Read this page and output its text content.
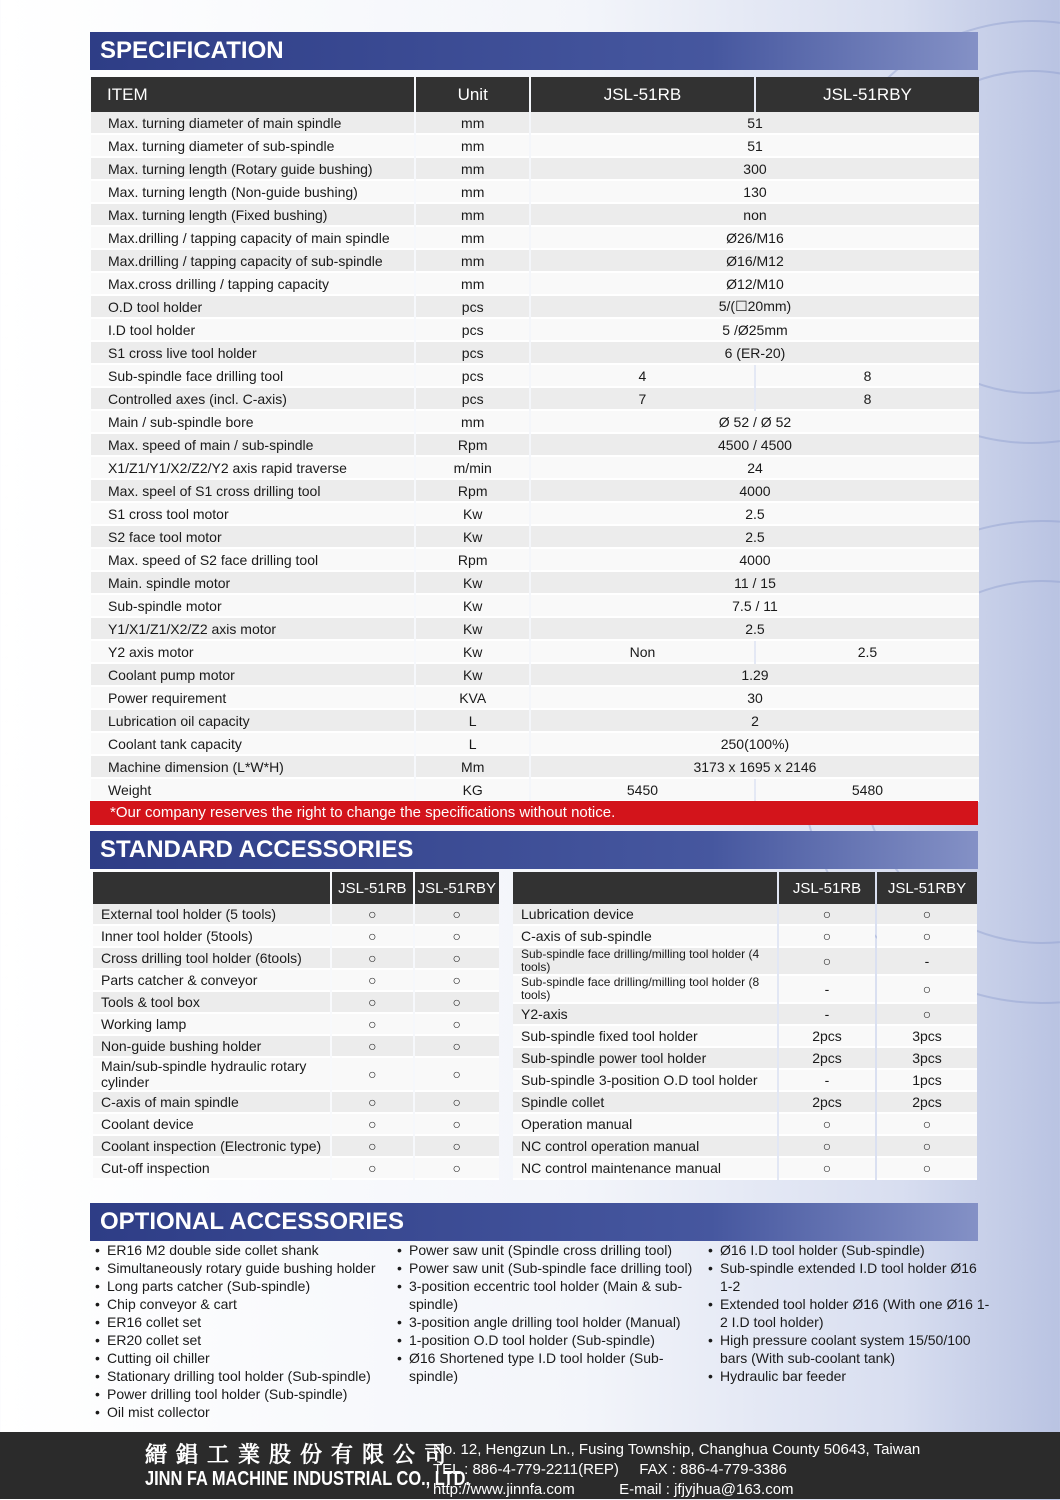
SPECIFICATION
ITEM	Unit	JSL-51RB	JSL-51RBY
Max. turning diameter of main spindle	mm	51	
Max. turning diameter of sub-spindle	mm	51	
Max. turning length (Rotary guide bushing)	mm	300	
Max. turning length (Non-guide bushing)	mm	130	
Max. turning length (Fixed bushing)	mm	non	
Max.drilling / tapping capacity of main spindle	mm	Ø26/M16	
Max.drilling / tapping capacity of sub-spindle	mm	Ø16/M12	
Max.cross drilling / tapping capacity	mm	Ø12/M10	
O.D tool holder	pcs	5/(☐20mm)	
I.D tool holder	pcs	5 /Ø25mm	
S1 cross live tool holder	pcs	6 (ER-20)	
Sub-spindle face drilling tool	pcs	4	8
Controlled axes (incl. C-axis)	pcs	7	8
Main / sub-spindle bore	mm	Ø 52 / Ø 52	
Max. speed of main / sub-spindle	Rpm	4500 / 4500	
X1/Z1/Y1/X2/Z2/Y2 axis rapid traverse	m/min	24	
Max. speel of S1 cross drilling tool	Rpm	4000	
S1 cross tool motor	Kw	2.5	
S2 face tool motor	Kw	2.5	
Max. speed of S2 face drilling tool	Rpm	4000	
Main. spindle motor	Kw	11 / 15	
Sub-spindle motor	Kw	7.5 / 11	
Y1/X1/Z1/X2/Z2 axis motor	Kw	2.5	
Y2 axis motor	Kw	Non	2.5
Coolant pump motor	Kw	1.29	
Power requirement	KVA	30	
Lubrication oil capacity	L	2	
Coolant tank capacity	L	250(100%)	
Machine dimension (L*W*H)	Mm	3173 x 1695 x 2146	
Weight	KG	5450	5480
*Our company reserves the right to change the specifications without notice.
STANDARD ACCESSORIES
	JSL-51RB	JSL-51RBY
External tool holder (5 tools)	○	○
Inner tool holder (5tools)	○	○
Cross drilling tool holder (6tools)	○	○
Parts catcher & conveyor	○	○
Tools & tool box	○	○
Working lamp	○	○
Non-guide bushing holder	○	○
Main/sub-spindle hydraulic rotary cylinder	○	○
C-axis of main spindle	○	○
Coolant device	○	○
Coolant inspection (Electronic type)	○	○
Cut-off inspection	○	○
	JSL-51RB	JSL-51RBY
Lubrication device	○	○
C-axis of sub-spindle	○	○
Sub-spindle face drilling/milling tool holder (4 tools)	○	-
Sub-spindle face drilling/milling tool holder (8 tools)	-	○
Y2-axis	-	○
Sub-spindle fixed tool holder	2pcs	3pcs
Sub-spindle power tool holder	2pcs	3pcs
Sub-spindle 3-position O.D tool holder	-	1pcs
Spindle collet	2pcs	2pcs
Operation manual	○	○
NC control operation manual	○	○
NC control maintenance manual	○	○
OPTIONAL ACCESSORIES
• ER16 M2 double side collet shank
• Simultaneously rotary guide bushing holder
• Long parts catcher (Sub-spindle)
• Chip conveyor & cart
• ER16 collet set
• ER20 collet set
• Cutting oil chiller
• Stationary drilling tool holder (Sub-spindle)
• Power drilling tool holder (Sub-spindle)
• Oil mist collector
• Power saw unit (Spindle cross drilling tool)
• Power saw unit (Sub-spindle face drilling tool)
• 3-position eccentric tool holder (Main & sub-spindle)
• 3-position angle drilling tool holder (Manual)
• 1-position O.D tool holder (Sub-spindle)
• Ø16 Shortened type I.D tool holder (Sub-spindle)
• Ø16 I.D tool holder (Sub-spindle)
• Sub-spindle extended I.D tool holder Ø16 1-2
• Extended tool holder Ø16 (With one Ø16 1-2 I.D tool holder)
• High pressure coolant system 15/50/100 bars (With sub-coolant tank)
• Hydraulic bar feeder
縉錩工業股份有限公司
JINN FA MACHINE INDUSTRIAL CO., LTD.
No. 12, Hengzun Ln., Fusing Township, Changhua County 50643, Taiwan
TEL : 886-4-779-2211(REP) FAX : 886-4-779-3386
http://www.jinnfa.com	E-mail : jfjyjhua@163.com
